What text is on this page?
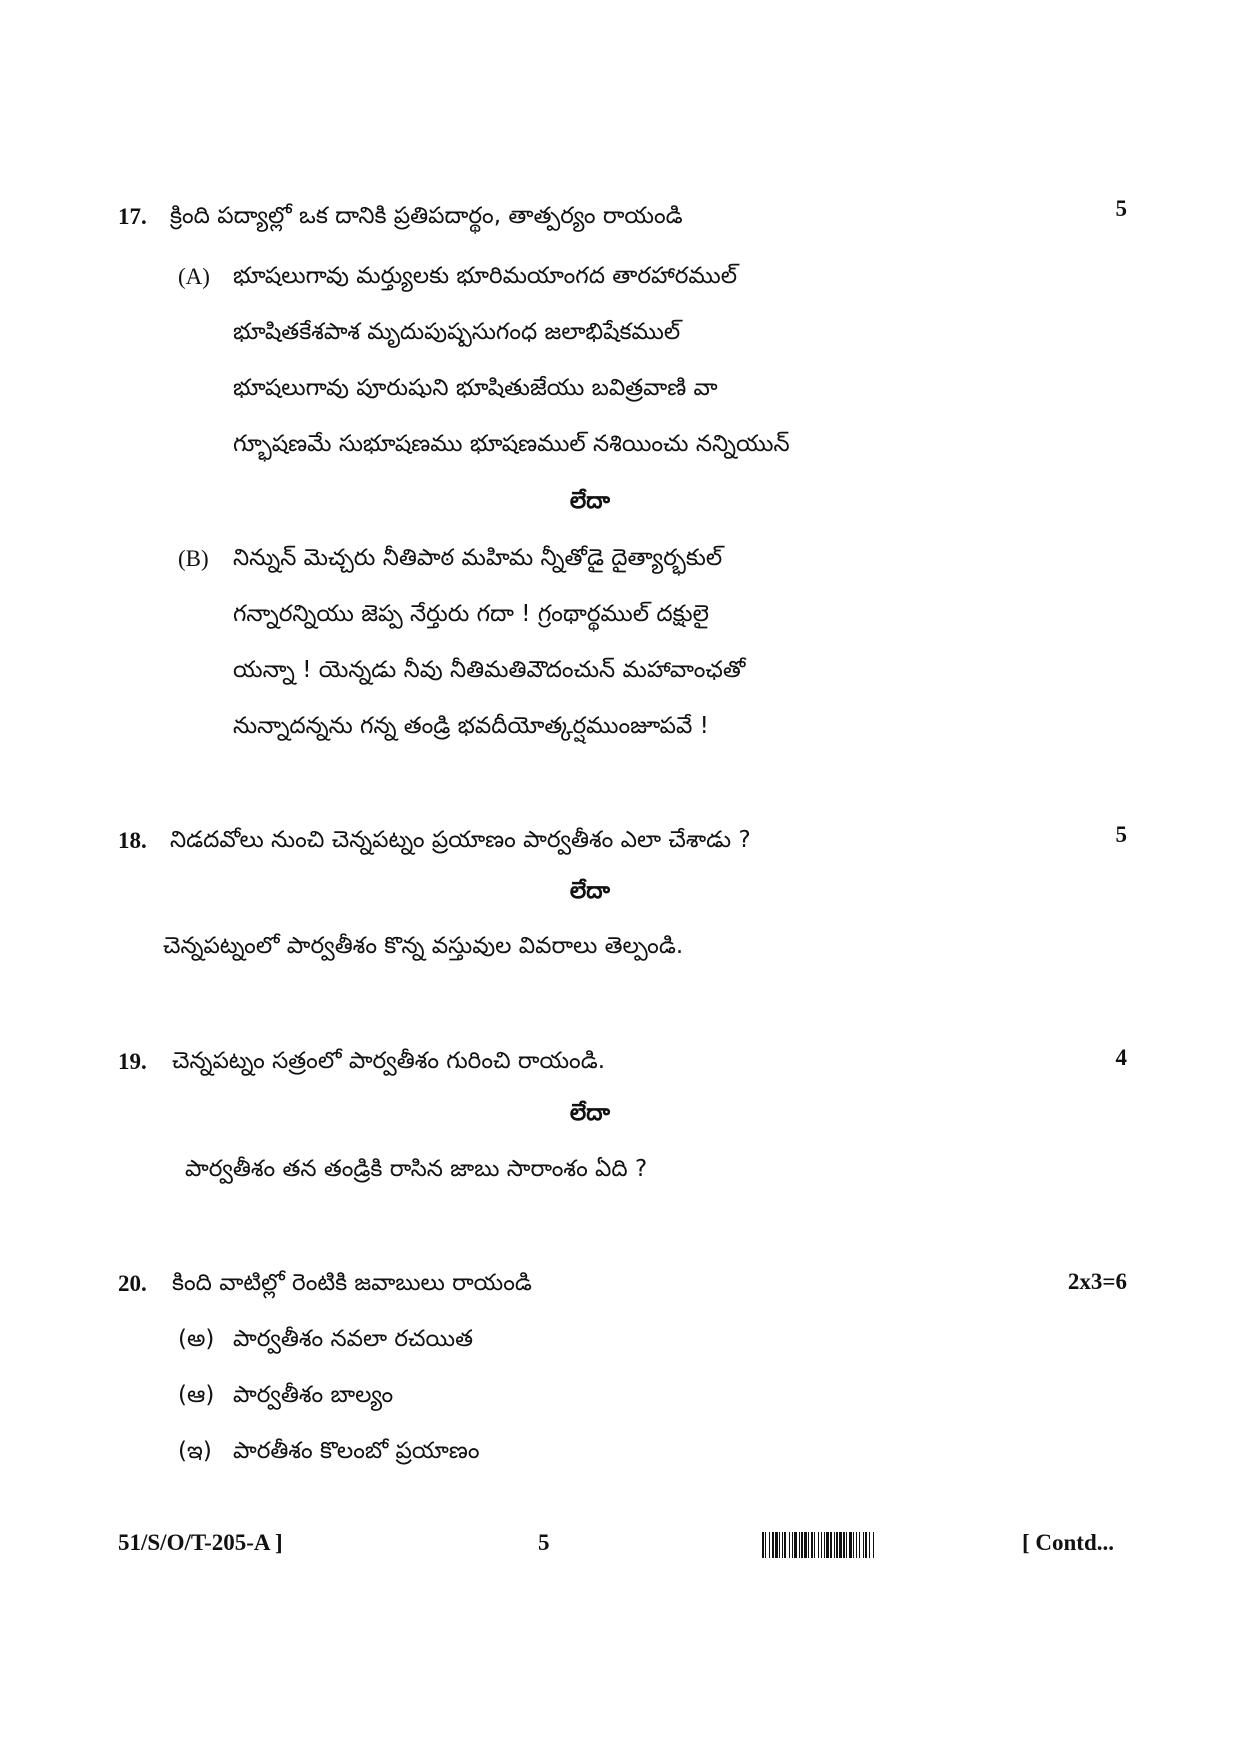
17. క్రింది పద్యాల్లో ఒక దానికి ప్రతిపదార్థం, తాత్పర్యం రాయండి	5
(A) భూషలుగావు మర్త్యులకు భూరిమయాంగద తారహారముల్
భూషితకేశపాశ మృదుపుష్పసుగంధ జలాభిషేకముల్
భూషలుగావు పూరుషుని భూషితుజేయు బవిత్రవాణి వా
గ్భూషణమే సుభూషణము భూషణముల్ నశియించు నన్నియున్
లేదా
(B) నిన్నున్ మెచ్చరు నీతిపాఠ మహిమ న్నీతోడై దైత్యార్భకుల్
గన్నారన్నియు జెప్ప నేర్తురు గదా ! గ్రంథార్థముల్ దక్షులై
యన్నా ! యెన్నడు నీవు నీతిమతివౌదంచున్ మహావాంఛతో
నున్నాదన్నను గన్న తండ్రి భవదీయోత్కర్షముంజూపవే !
18. నిడదవోలు నుంచి చెన్నపట్నం ప్రయాణం పార్వతీశం ఎలా చేశాడు ?	5
లేదా
చెన్నపట్నంలో పార్వతీశం కొన్న వస్తువుల వివరాలు తెల్పండి.
19. చెన్నపట్నం సత్రంలో పార్వతీశం గురించి రాయండి.	4
లేదా
పార్వతీశం తన తండ్రికి రాసిన జాబు సారాంశం ఏది ?
20. కింది వాటిల్లో రెంటికి జవాబులు రాయండి	2x3=6
(అ) పార్వతీశం నవలా రచయిత
(ఆ) పార్వతీశం బాల్యం
(ఇ) పారతీశం కొలంబో ప్రయాణం
51/S/O/T-205-A ]	5	[ Contd...
